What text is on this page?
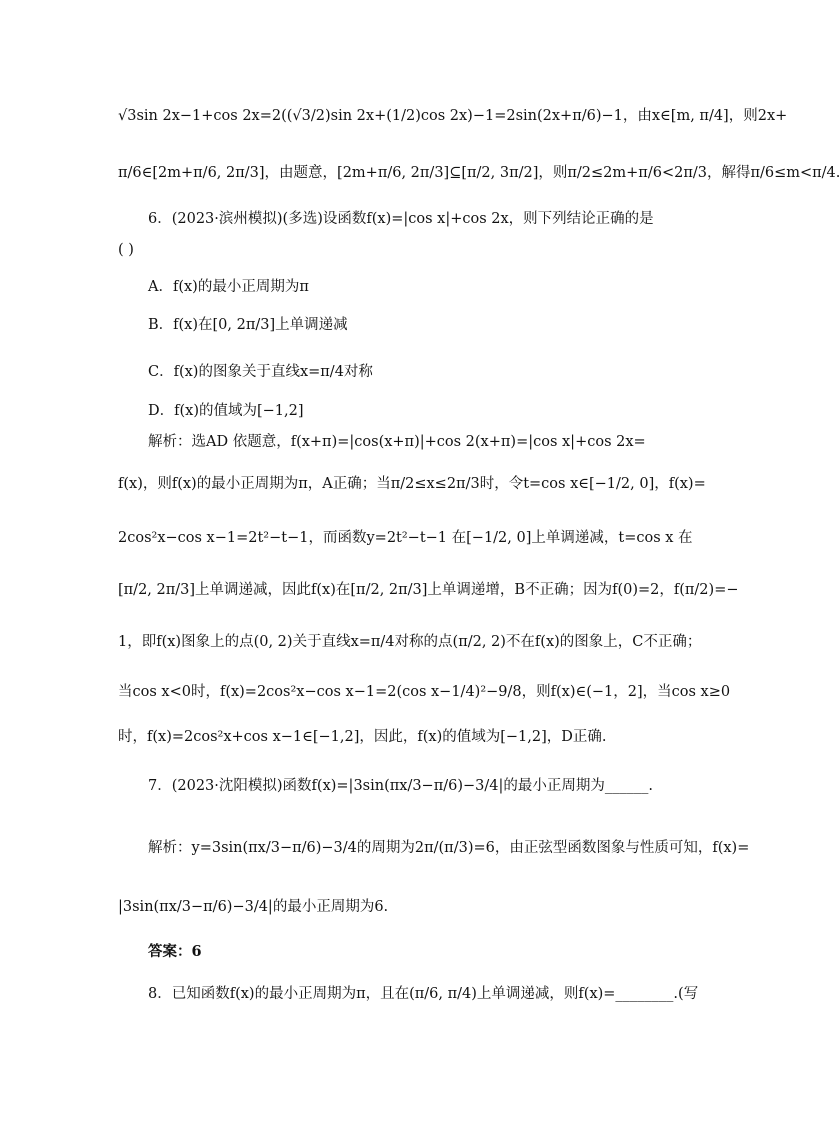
√3sin 2x−1+cos 2x=2((√3/2)sin 2x+(1/2)cos 2x)−1=2sin(2x+π/6)−1，由x∈[m, π/4]，则2x+
π/6∈[2m+π/6, 2π/3]，由题意，[2m+π/6, 2π/3]⊆[π/2, 3π/2]，则π/2≤2m+π/6<2π/3，解得π/6≤m<π/4.
6．(2023·滨州模拟)(多选)设函数f(x)=|cos x|+cos 2x，则下列结论正确的是
( )
A．f(x)的最小正周期为π
B．f(x)在[0, 2π/3]上单调递减
C．f(x)的图象关于直线x=π/4对称
D．f(x)的值域为[−1,2]
解析：选AD 依题意，f(x+π)=|cos(x+π)|+cos 2(x+π)=|cos x|+cos 2x=
f(x)，则f(x)的最小正周期为π，A正确；当π/2≤x≤2π/3时，令t=cos x∈[−1/2, 0]，f(x)=
2cos²x−cos x−1=2t²−t−1，而函数y=2t²−t−1 在[−1/2, 0]上单调递减，t=cos x 在
[π/2, 2π/3]上单调递减，因此f(x)在[π/2, 2π/3]上单调递增，B不正确；因为f(0)=2，f(π/2)=−
1，即f(x)图象上的点(0, 2)关于直线x=π/4对称的点(π/2, 2)不在f(x)的图象上，C不正确；
当cos x<0时，f(x)=2cos²x−cos x−1=2(cos x−1/4)²−9/8，则f(x)∈(−1，2]，当cos x≥0
时，f(x)=2cos²x+cos x−1∈[−1,2]，因此，f(x)的值域为[−1,2]，D正确.
7．(2023·沈阳模拟)函数f(x)=|3sin(πx/3−π/6)−3/4|的最小正周期为______.
解析：y=3sin(πx/3−π/6)−3/4的周期为2π/(π/3)=6，由正弦型函数图象与性质可知，f(x)=
|3sin(πx/3−π/6)−3/4|的最小正周期为6.
答案：6
8．已知函数f(x)的最小正周期为π，且在(π/6, π/4)上单调递减，则f(x)=________.(写
